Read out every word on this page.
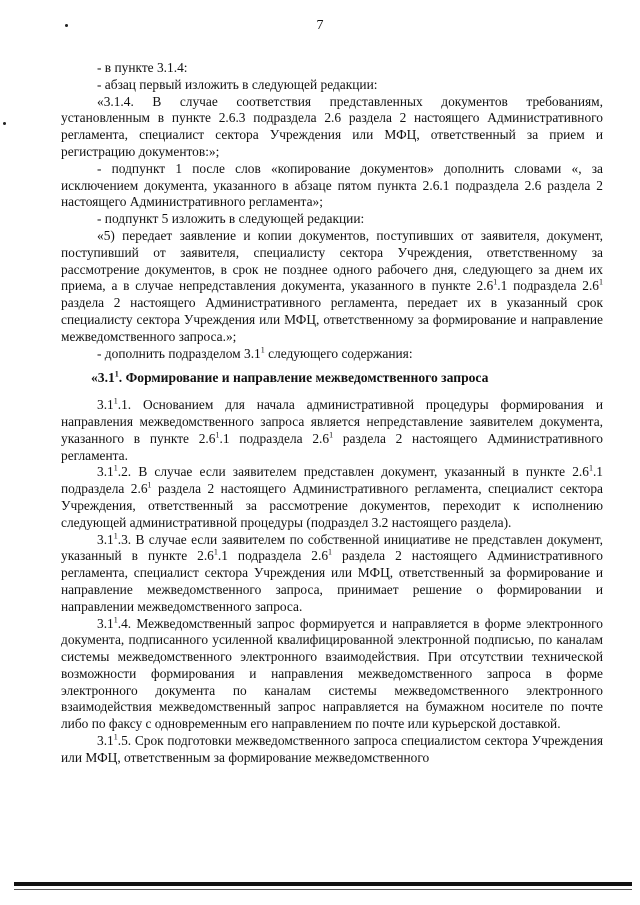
7

- в пункте 3.1.4:

- абзац первый изложить в следующей редакции:

«3.1.4. В случае соответствия представленных документов требованиям, установленным в пункте 2.6.3 подраздела 2.6 раздела 2 настоящего Административного регламента, специалист сектора Учреждения или МФЦ, ответственный за прием и регистрацию документов:»;

- подпункт 1 после слов «копирование документов» дополнить словами «, за исключением документа, указанного в абзаце пятом пункта 2.6.1 подраздела 2.6 раздела 2 настоящего Административного регламента»;

- подпункт 5 изложить в следующей редакции:

«5) передает заявление и копии документов, поступивших от заявителя, документ, поступивший от заявителя, специалисту сектора Учреждения, ответственному за рассмотрение документов, в срок не позднее одного рабочего дня, следующего за днем их приема, а в случае непредставления документа, указанного в пункте $2.6^1.1$ подраздела $2.6^1$ раздела 2 настоящего Административного регламента, передает их в указанный срок специалисту сектора Учреждения или МФЦ, ответственному за формирование и направление межведомственного запроса.»;

- дополнить подразделом $3.1^1$ следующего содержания:

«$3.1^1$. Формирование и направление межведомственного запроса

$3.1^1.1$. Основанием для начала административной процедуры формирования и направления межведомственного запроса является непредставление заявителем документа, указанного в пункте $2.6^1.1$ подраздела $2.6^1$ раздела 2 настоящего Административного регламента.

$3.1^1.2$. В случае если заявителем представлен документ, указанный в пункте $2.6^1.1$ подраздела $2.6^1$ раздела 2 настоящего Административного регламента, специалист сектора Учреждения, ответственный за рассмотрение документов, переходит к исполнению следующей административной процедуры (подраздел 3.2 настоящего раздела).

$3.1^1.3$. В случае если заявителем по собственной инициативе не представлен документ, указанный в пункте $2.6^1.1$ подраздела $2.6^1$ раздела 2 настоящего Административного регламента, специалист сектора Учреждения или МФЦ, ответственный за формирование и направление межведомственного запроса, принимает решение о формировании и направлении межведомственного запроса.

$3.1^1.4$. Межведомственный запрос формируется и направляется в форме электронного документа, подписанного усиленной квалифицированной электронной подписью, по каналам системы межведомственного электронного взаимодействия. При отсутствии технической возможности формирования и направления межведомственного запроса в форме электронного документа по каналам системы межведомственного электронного взаимодействия межведомственный запрос направляется на бумажном носителе по почте либо по факсу с одновременным его направлением по почте или курьерской доставкой.

$3.1^1.5$. Срок подготовки межведомственного запроса специалистом сектора Учреждения или МФЦ, ответственным за формирование межведомственного
